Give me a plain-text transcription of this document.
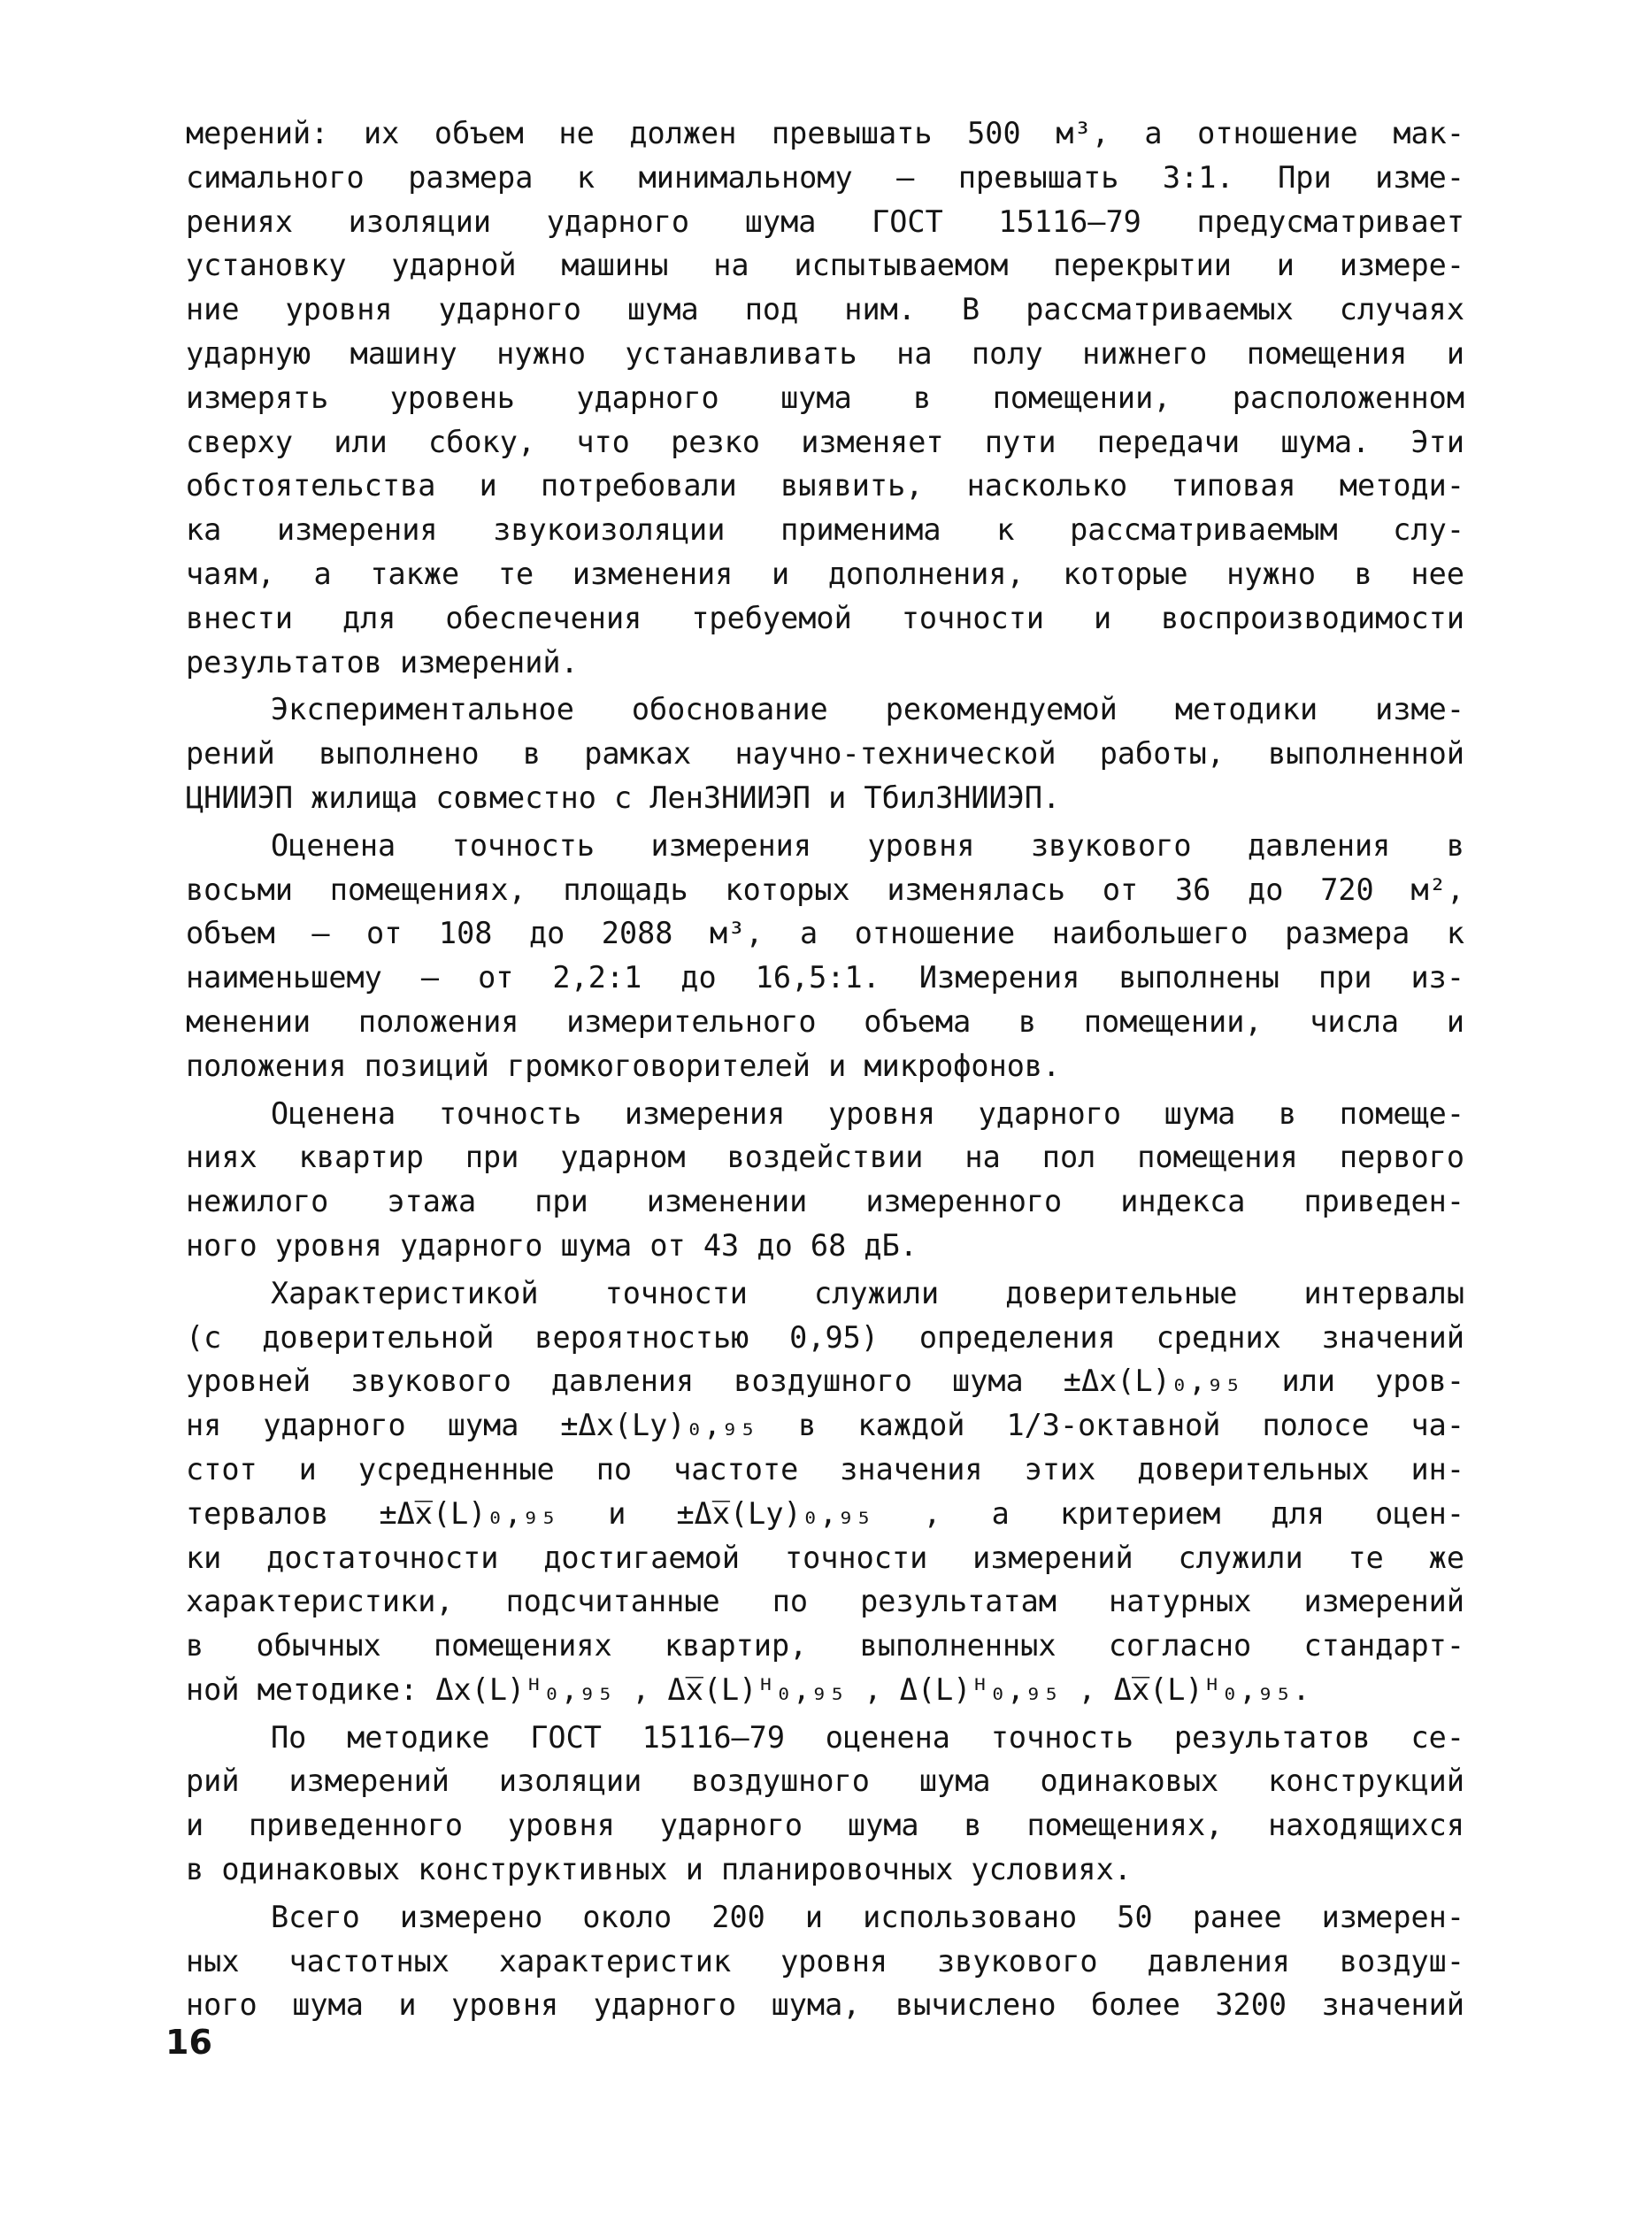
мерений: их объем не должен превышать 500 м³, а отношение мак-
симального размера к минимальному – превышать 3:1. При изме-
рениях изоляции ударного шума ГОСТ 15116–79 предусматривает
установку ударной машины на испытываемом перекрытии и измере-
ние уровня ударного шума под ним. В рассматриваемых случаях
ударную машину нужно устанавливать на полу нижнего помещения и
измерять уровень ударного шума в помещении, расположенном
сверху или сбоку, что резко изменяет пути передачи шума. Эти
обстоятельства и потребовали выявить, насколько типовая методи-
ка измерения звукоизоляции применима к рассматриваемым слу-
чаям, а также те изменения и дополнения, которые нужно в нее
внести для обеспечения требуемой точности и воспроизводимости
результатов измерений.
Экспериментальное обоснование рекомендуемой методики изме-
рений выполнено в рамках научно-технической работы, выполненной
ЦНИИЭП жилища совместно с ЛенЗНИИЭП и ТбилЗНИИЭП.
Оценена точность измерения уровня звукового давления в
восьми помещениях, площадь которых изменялась от 36 до 720 м²,
объем – от 108 до 2088 м³, а отношение наибольшего размера к
наименьшему – от 2,2:1 до 16,5:1. Измерения выполнены при из-
менении положения измерительного объема в помещении, числа и
положения позиций громкоговорителей и микрофонов.
Оценена точность измерения уровня ударного шума в помеще-
ниях квартир при ударном воздействии на пол помещения первого
нежилого этажа при изменении измеренного индекса приведен-
ного уровня ударного шума от 43 до 68 дБ.
Характеристикой точности служили доверительные интервалы
(с доверительной вероятностью 0,95) определения средних значений
уровней звукового давления воздушного шума ±Δx(L)₀,₉₅ или уров-
ня ударного шума ±Δx(Ly)₀,₉₅ в каждой 1/3-октавной полосе ча-
стот и усредненные по частоте значения этих доверительных ин-
тервалов ±Δ̅x̅(L)₀,₉₅ и ±Δ̅x̅(Ly)₀,₉₅ , а критерием для оцен-
ки достаточности достигаемой точности измерений служили те же
характеристики, подсчитанные по результатам натурных измерений
в обычных помещениях квартир, выполненных согласно стандарт-
ной методике: Δx(L)ᴴ₀,₉₅ , Δ̅x̅(L)ᴴ₀,₉₅ , Δ(L)ᴴ₀,₉₅ , Δ̅x̅(L)ᴴ₀,₉₅.
По методике ГОСТ 15116–79 оценена точность результатов се-
рий измерений изоляции воздушного шума одинаковых конструкций
и приведенного уровня ударного шума в помещениях, находящихся
в одинаковых конструктивных и планировочных условиях.
Всего измерено около 200 и использовано 50 ранее измерен-
ных частотных характеристик уровня звукового давления воздуш-
ного шума и уровня ударного шума, вычислено более 3200 значений
16
